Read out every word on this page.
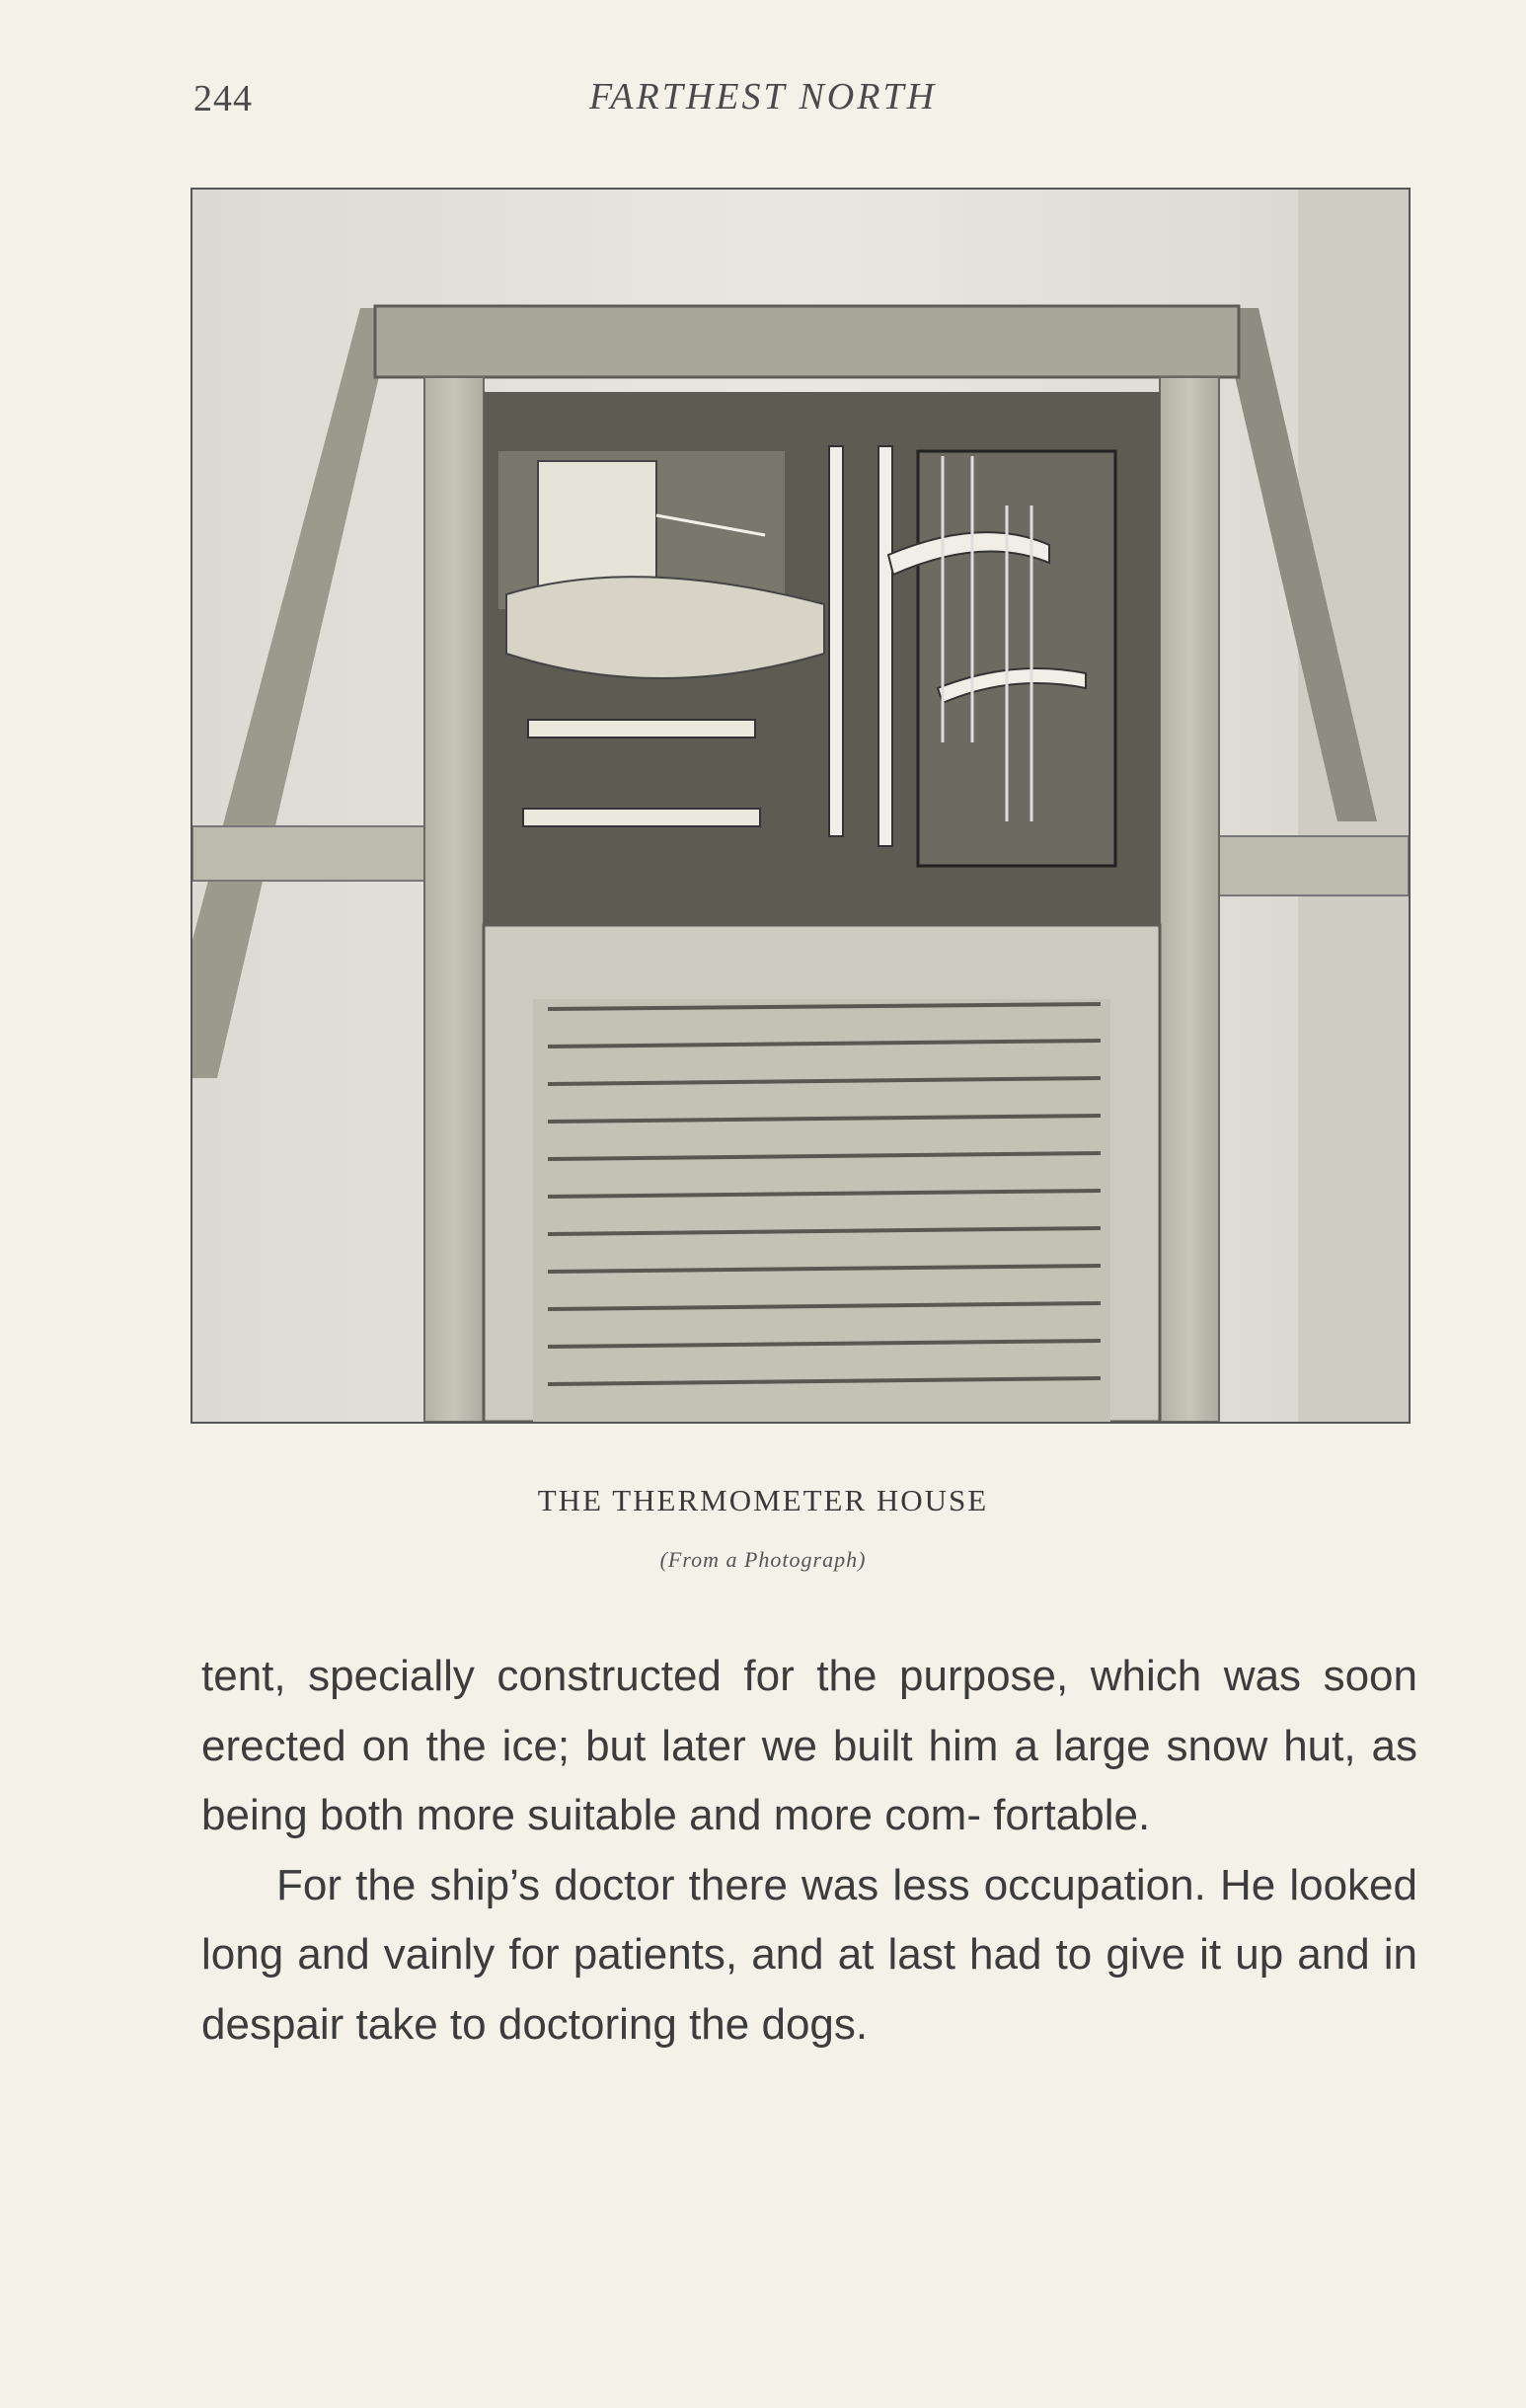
244	FARTHEST NORTH
THE THERMOMETER HOUSE
(From a Photograph)

tent, specially constructed for the purpose, which was soon erected on the ice; but later we built him a large snow hut, as being both more suitable and more com- fortable.

For the ship’s doctor there was less occupation. He looked long and vainly for patients, and at last had to give it up and in despair take to doctoring the dogs.
